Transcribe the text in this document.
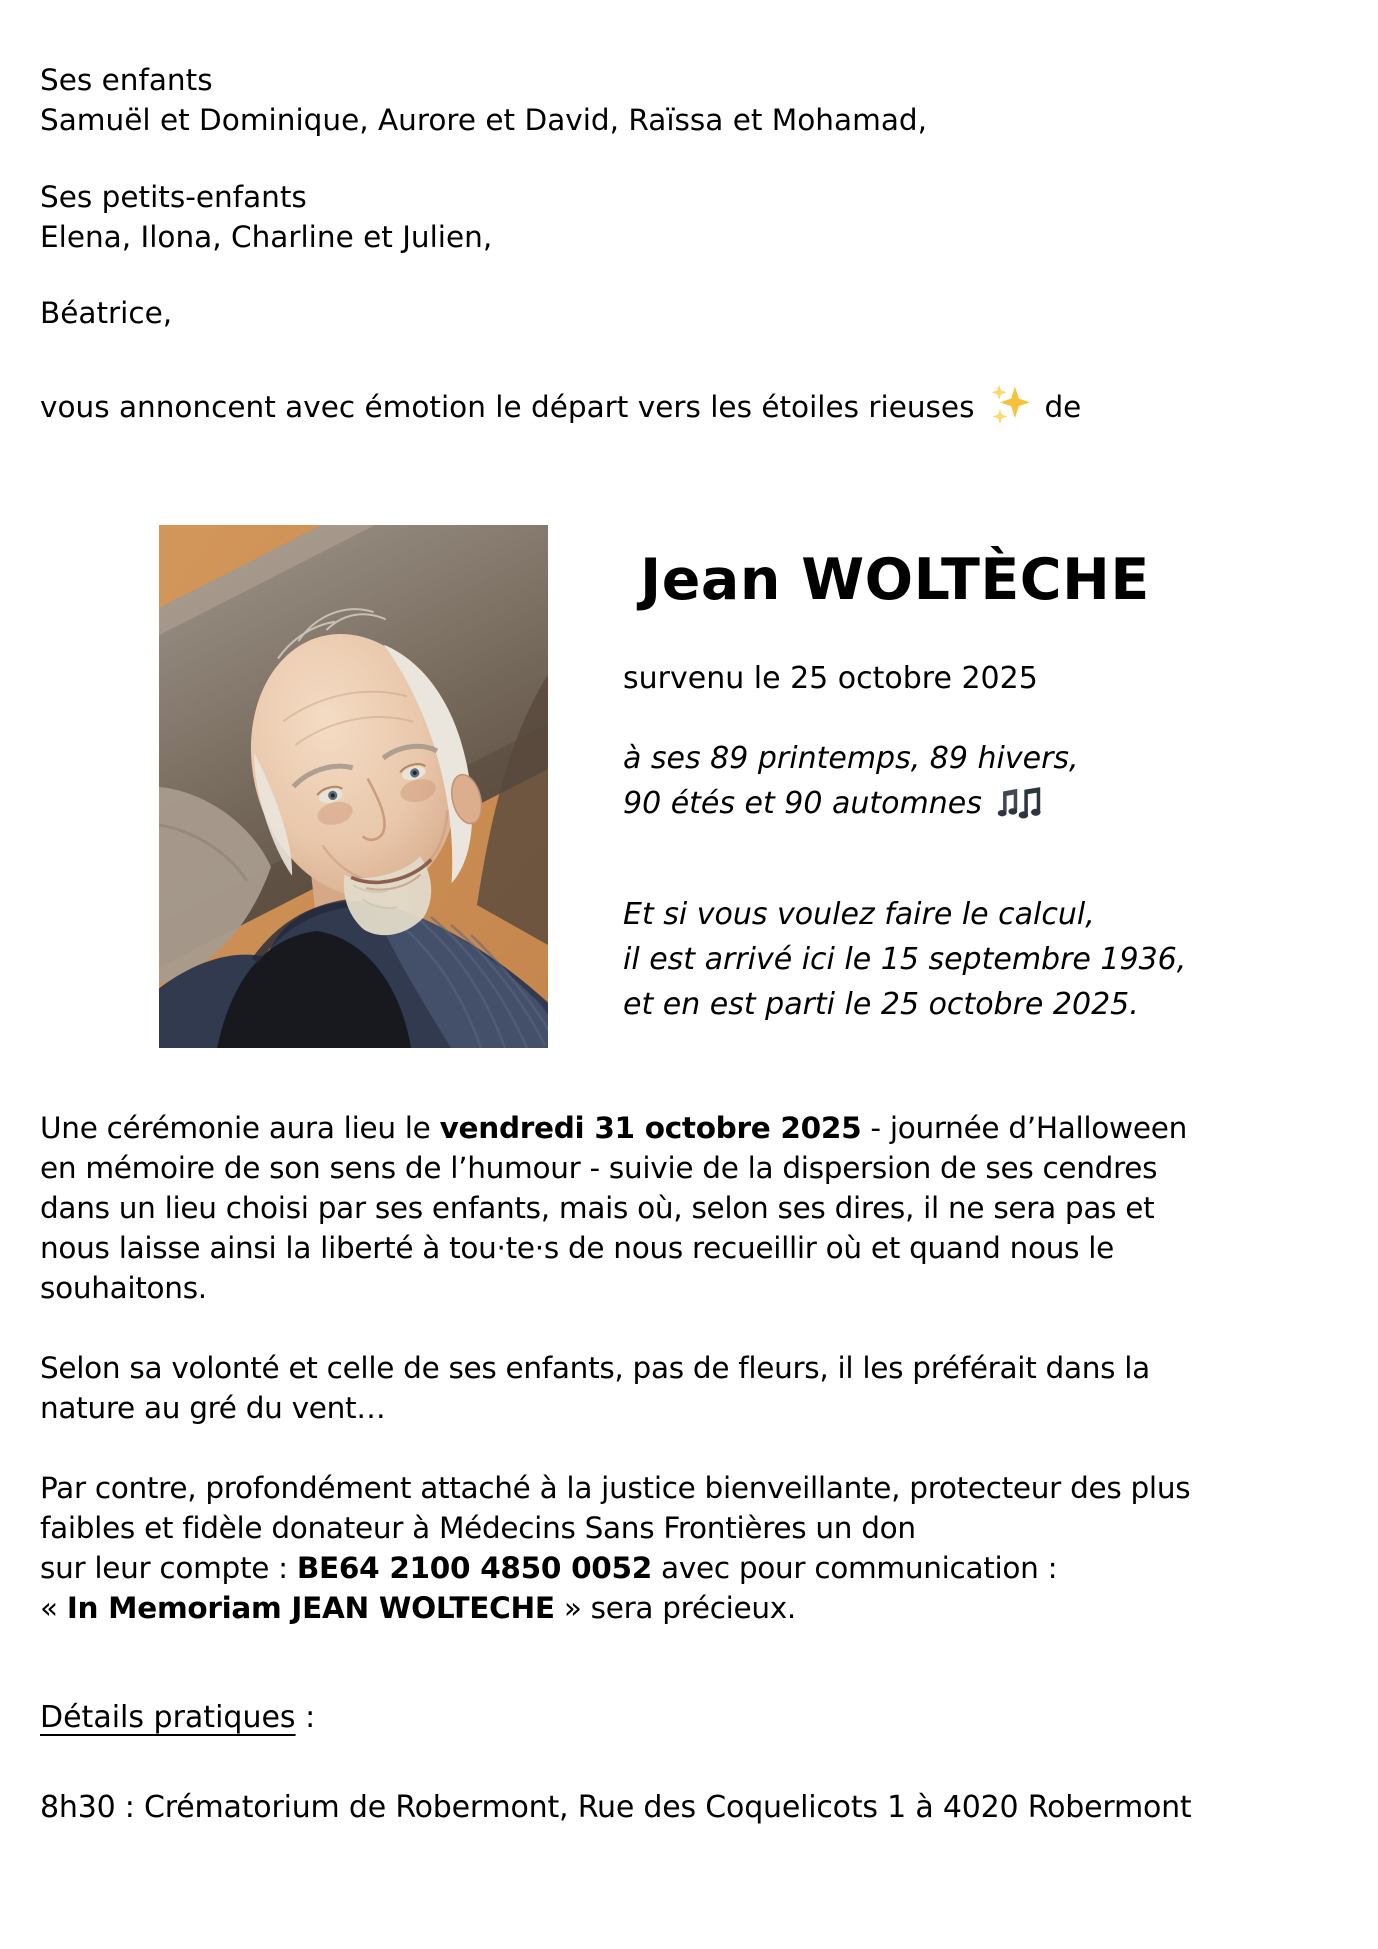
Ses enfants
Samuël et Dominique, Aurore et David, Raïssa et Mohamad,
Ses petits-enfants
Elena, Ilona, Charline et Julien,
Béatrice,
vous annoncent avec émotion le départ vers les étoiles rieuses de
Jean WOLTÈCHE
survenu le 25 octobre 2025
à ses 89 printemps, 89 hivers,
90 étés et 90 automnes
Et si vous voulez faire le calcul,
il est arrivé ici le 15 septembre 1936,
et en est parti le 25 octobre 2025.
Une cérémonie aura lieu le vendredi 31 octobre 2025 - journée d’Halloween
en mémoire de son sens de l’humour - suivie de la dispersion de ses cendres
dans un lieu choisi par ses enfants, mais où, selon ses dires, il ne sera pas et
nous laisse ainsi la liberté à tou·te·s de nous recueillir où et quand nous le
souhaitons.
Selon sa volonté et celle de ses enfants, pas de fleurs, il les préférait dans la
nature au gré du vent…
Par contre, profondément attaché à la justice bienveillante, protecteur des plus
faibles et fidèle donateur à Médecins Sans Frontières un don
sur leur compte : BE64 2100 4850 0052 avec pour communication :
« In Memoriam JEAN WOLTECHE » sera précieux.
Détails pratiques :
8h30 : Crématorium de Robermont, Rue des Coquelicots 1 à 4020 Robermont
